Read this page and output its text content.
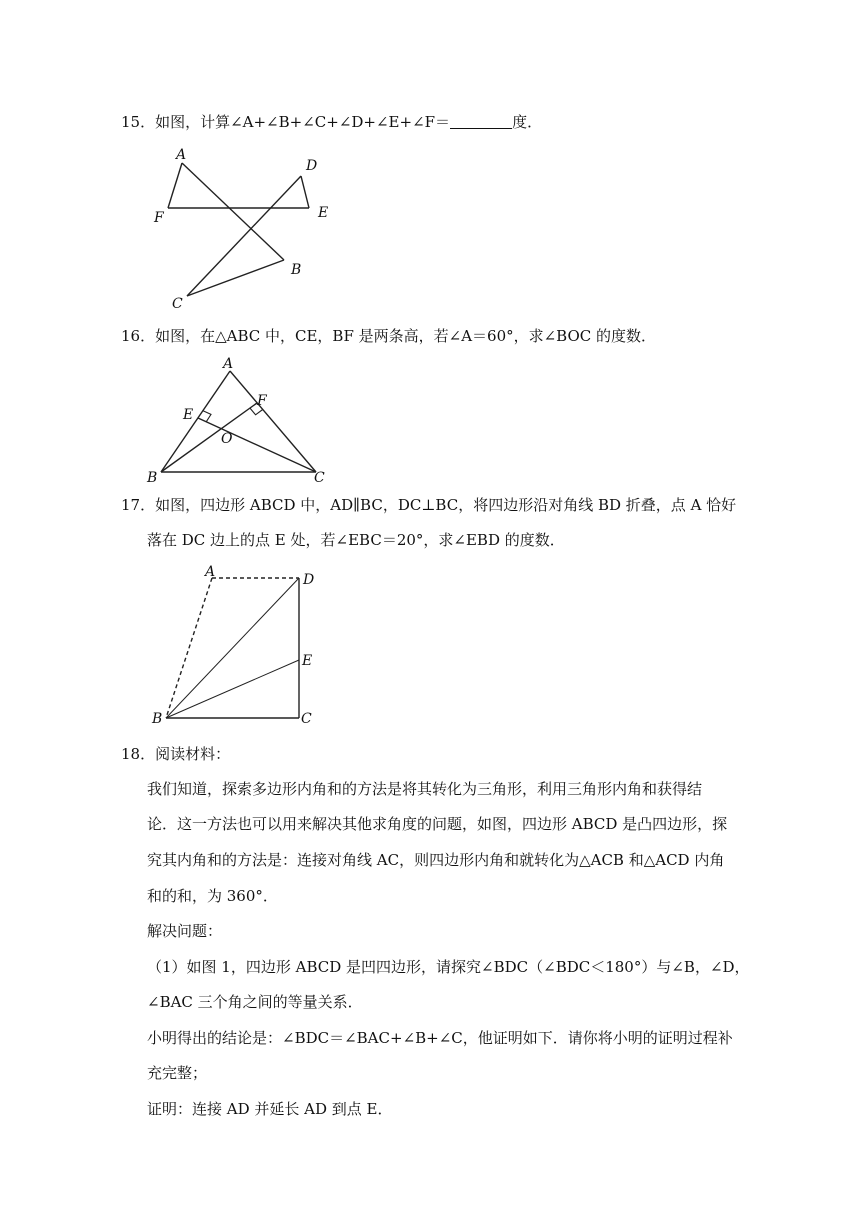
15．如图，计算∠A+∠B+∠C+∠D+∠E+∠F＝	度．
A
D
F	E
B
C
16．如图，在△ABC 中，CE，BF 是两条高，若∠A＝60°，求∠BOC 的度数．
A
E
F
O
B	C
17．如图，四边形 ABCD 中，AD∥BC，DC⊥BC，将四边形沿对角线 BD 折叠，点 A 恰好
落在 DC 边上的点 E 处，若∠EBC＝20°，求∠EBD 的度数．
A	D
E
B	C
18．阅读材料：
我们知道，探索多边形内角和的方法是将其转化为三角形，利用三角形内角和获得结
论．这一方法也可以用来解决其他求角度的问题，如图，四边形 ABCD 是凸四边形，探
究其内角和的方法是：连接对角线 AC，则四边形内角和就转化为△ACB 和△ACD 内角
和的和，为 360°．
解决问题：
（1）如图 1，四边形 ABCD 是凹四边形，请探究∠BDC（∠BDC＜180°）与∠B，∠D，
∠BAC 三个角之间的等量关系．
小明得出的结论是：∠BDC＝∠BAC+∠B+∠C，他证明如下．请你将小明的证明过程补
充完整；
证明：连接 AD 并延长 AD 到点 E．
